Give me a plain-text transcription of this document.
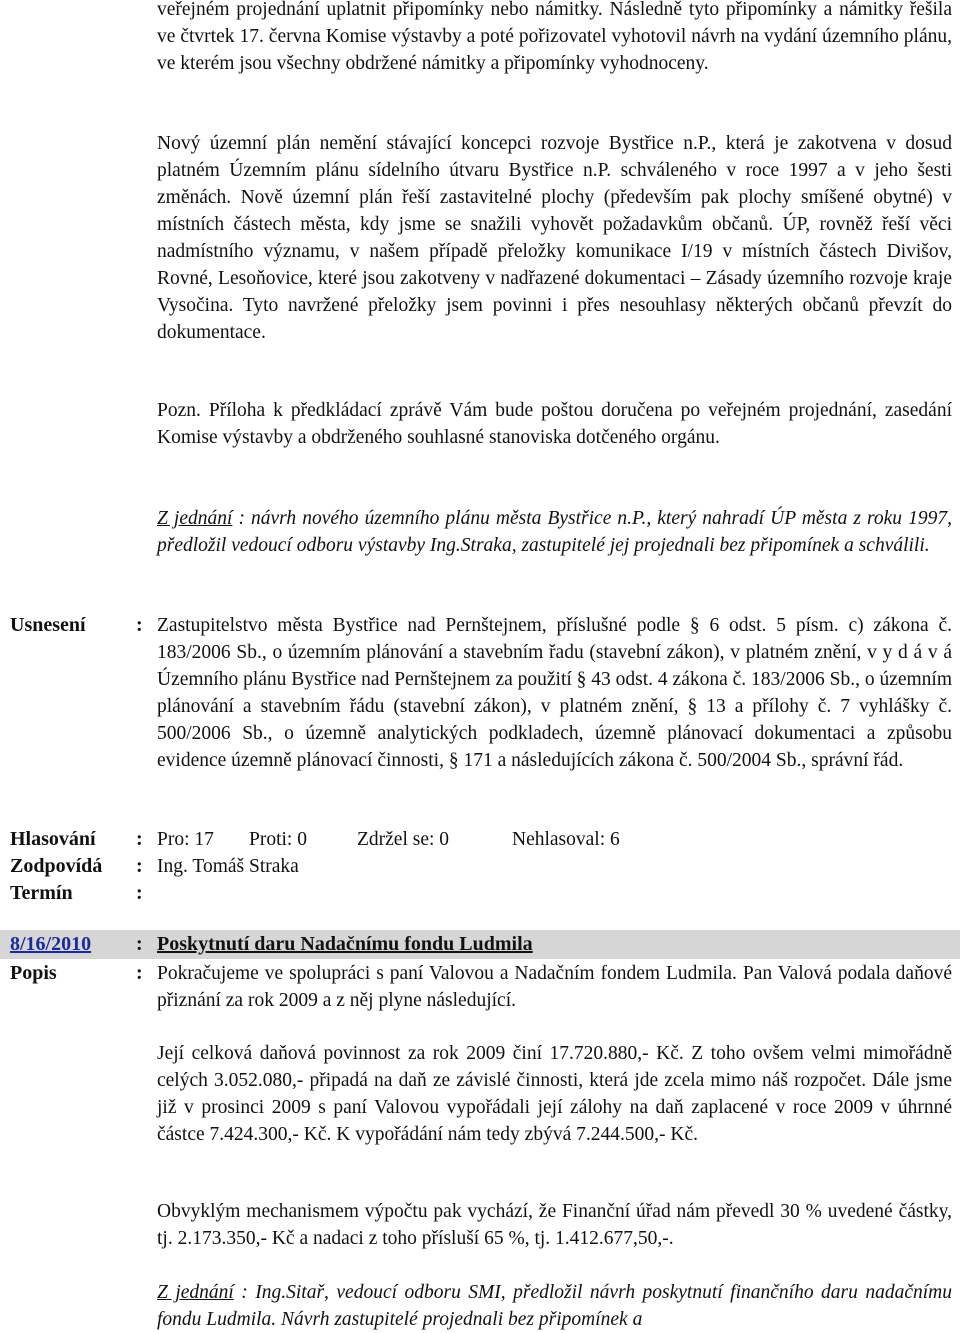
veřejném projednání uplatnit připomínky nebo námitky. Následně tyto připomínky a námitky řešila ve čtvrtek 17. června Komise výstavby a poté pořizovatel vyhotovil návrh na vydání územního plánu, ve kterém jsou všechny obdržené námitky a připomínky vyhodnoceny.

Nový územní plán nemění stávající koncepci rozvoje Bystřice n.P., která je zakotvena v dosud platném Územním plánu sídelního útvaru Bystřice n.P. schváleného v roce 1997 a v jeho šesti změnách. Nově územní plán řeší zastavitelné plochy (především pak plochy smíšené obytné) v místních částech města, kdy jsme se snažili vyhovět požadavkům občanů. ÚP, rovněž řeší věci nadmístního významu, v našem případě přeložky komunikace I/19 v místních částech Divišov, Rovné, Lesoňovice, které jsou zakotveny v nadřazené dokumentaci – Zásady územního rozvoje kraje Vysočina. Tyto navržené přeložky jsem povinni i přes nesouhlasy některých občanů převzít do dokumentace.

Pozn. Příloha k předkládací zprávě Vám bude poštou doručena po veřejném projednání, zasedání Komise výstavby a obdrženého souhlasné stanoviska dotčeného orgánu.

Z jednání : návrh nového územního plánu města Bystřice n.P., který nahradí ÚP města z roku 1997, předložil vedoucí odboru výstavby Ing.Straka, zastupitelé jej projednali bez připomínek a schválili.

Usnesení	: Zastupitelstvo města Bystřice nad Pernštejnem, příslušné podle § 6 odst. 5 písm. c) zákona č. 183/2006 Sb., o územním plánování a stavebním řadu (stavební zákon), v platném znění, v y d á v á Územního plánu Bystřice nad Pernštejnem za použití § 43 odst. 4 zákona č. 183/2006 Sb., o územním plánování a stavebním řádu (stavební zákon), v platném znění, § 13 a přílohy č. 7 vyhlášky č. 500/2006 Sb., o územně analytických podkladech, územně plánovací dokumentaci a způsobu evidence územně plánovací činnosti, § 171 a následujících zákona č. 500/2004 Sb., správní řád.

Hlasování : Pro: 17 Proti: 0	Zdržel se: 0	Nehlasoval: 6
Zodpovídá : Ing. Tomáš Straka
Termín	:
8/16/2010 : Poskytnutí daru Nadačnímu fondu Ludmila
Popis	: Pokračujeme ve spolupráci s paní Valovou a Nadačním fondem Ludmila. Pan Valová podala daňové přiznání za rok 2009 a z něj plyne následující.

Její celková daňová povinnost za rok 2009 činí 17.720.880,- Kč. Z toho ovšem velmi mimořádně celých 3.052.080,- připadá na daň ze závislé činnosti, která jde zcela mimo náš rozpočet. Dále jsme již v prosinci 2009 s paní Valovou vypořádali její zálohy na daň zaplacené v roce 2009 v úhrnné částce 7.424.300,- Kč. K vypořádání nám tedy zbývá 7.244.500,- Kč.

Obvyklým mechanismem výpočtu pak vychází, že Finanční úřad nám převedl 30 % uvedené částky, tj. 2.173.350,- Kč a nadaci z toho přísluší 65 %, tj. 1.412.677,50,-.

Z jednání : Ing.Sitař, vedoucí odboru SMI, předložil návrh poskytnutí finančního daru nadačnímu fondu Ludmila. Návrh zastupitelé projednali bez připomínek a
